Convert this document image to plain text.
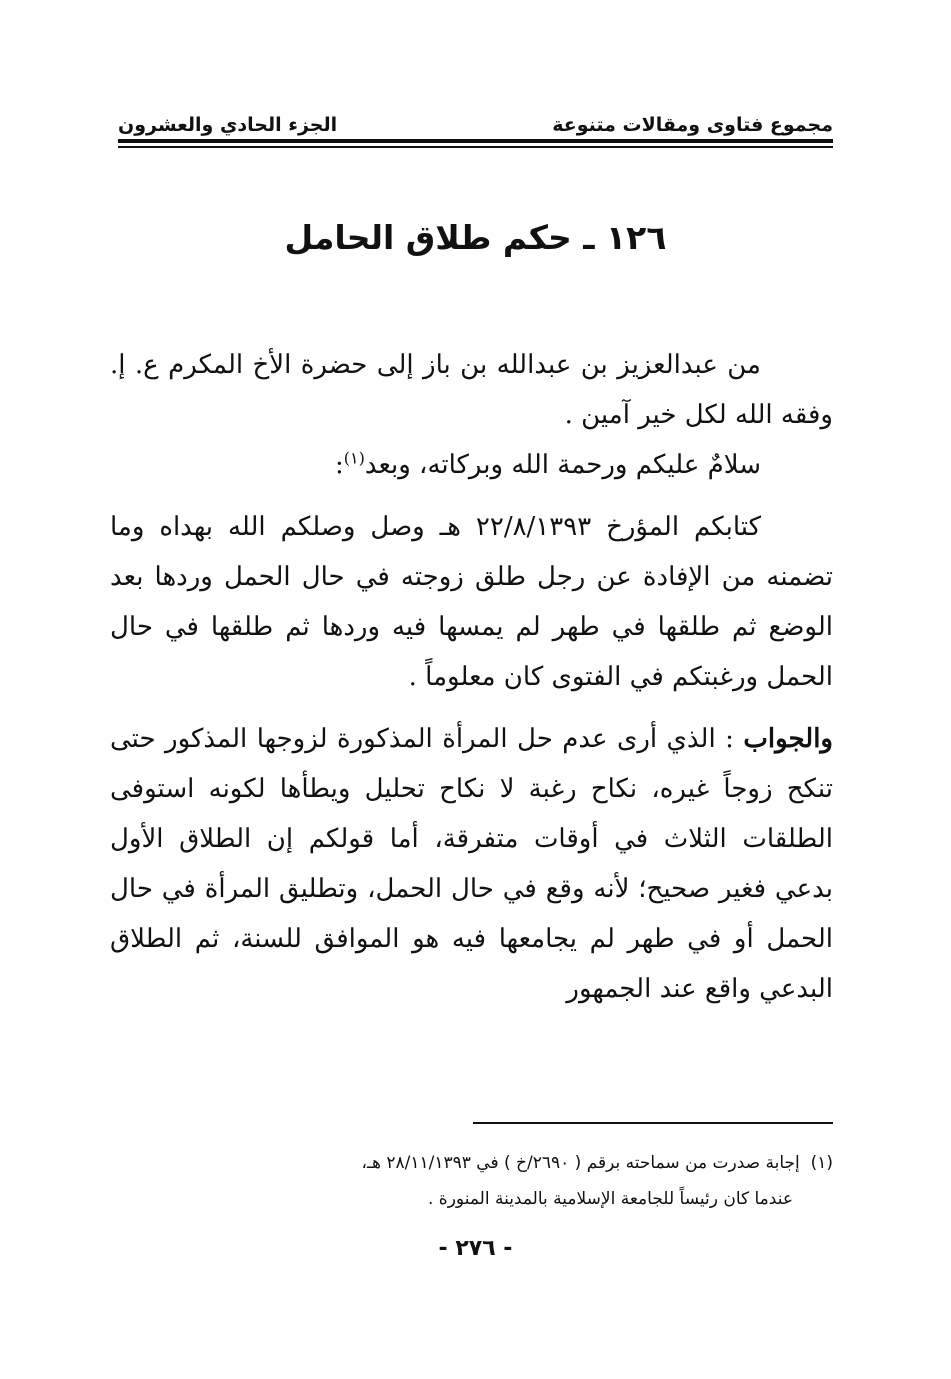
مجموع فتاوى ومقالات متنوعة
الجزء الحادي والعشرون
١٢٦ ـ حكم طلاق الحامل

من عبدالعزيز بن عبدالله بن باز إلى حضرة الأخ المكرم ع. إ. وفقه الله لكل خير آمين .

سلامٌ عليكم ورحمة الله وبركاته، وبعد$^{(١)}$:

كتابكم المؤرخ ٢٢/٨/١٣٩٣ هـ وصل وصلكم الله بهداه وما تضمنه من الإفادة عن رجل طلق زوجته في حال الحمل وردها بعد الوضع ثم طلقها في طهر لم يمسها فيه وردها ثم طلقها في حال الحمل ورغبتكم في الفتوى كان معلوماً .

والجواب : الذي أرى عدم حل المرأة المذكورة لزوجها المذكور حتى تنكح زوجاً غيره، نكاح رغبة لا نكاح تحليل ويطأها لكونه استوفى الطلقات الثلاث في أوقات متفرقة، أما قولكم إن الطلاق الأول بدعي فغير صحيح؛ لأنه وقع في حال الحمل، وتطليق المرأة في حال الحمل أو في طهر لم يجامعها فيه هو الموافق للسنة، ثم الطلاق البدعي واقع عند الجمهور

(١)  إجابة صدرت من سماحته برقم ( ٢٦٩٠/خ ) في ٢٨/١١/١٣٩٣ هـ،
عندما كان رئيساً للجامعة الإسلامية بالمدينة المنورة .
- ٢٧٦ -
